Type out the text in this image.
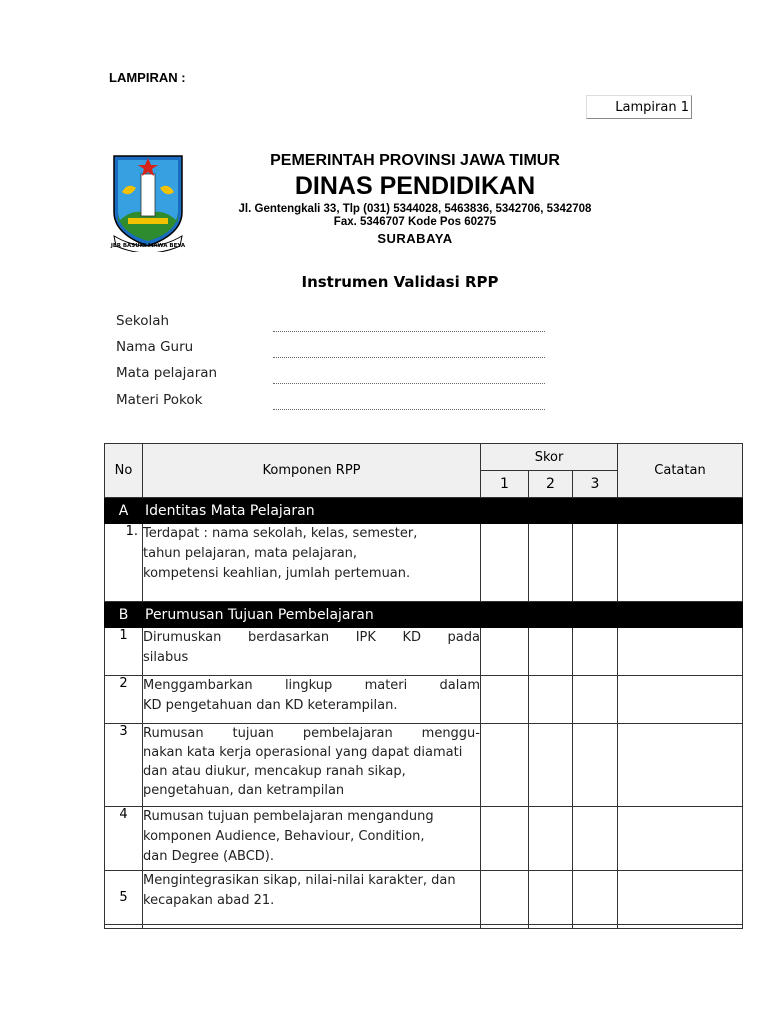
LAMPIRAN :
Lampiran 1
JER BASUKI MAWA BEYA
PEMERINTAH PROVINSI JAWA TIMUR
DINAS PENDIDIKAN
Jl. Gentengkali 33, Tlp (031) 5344028, 5463836, 5342706, 5342708
Fax. 5346707 Kode Pos 60275
SURABAYA
Instrumen Validasi RPP
Sekolah
Nama Guru
Mata pelajaran
Materi Pokok
No	Komponen RPP	Skor			Catatan
		1	2	3	
A	Identitas Mata Pelajaran				
1.	Terdapat : nama sekolah, kelas, semester,
tahun pelajaran, mata pelajaran,
kompetensi keahlian, jumlah pertemuan.				

B	Perumusan Tujuan Pembelajaran				
1	Dirumuskan berdasarkan IPK KD pada
silabus				

2	Menggambarkan lingkup materi dalam
KD pengetahuan dan KD keterampilan.				

3	Rumusan tujuan pembelajaran menggu-
nakan kata kerja operasional yang dapat diamati
dan atau diukur, mencakup ranah sikap,
pengetahuan, dan ketrampilan				

4	Rumusan tujuan pembelajaran mengandung
komponen Audience, Behaviour, Condition,
dan Degree (ABCD).				

5	Mengintegrasikan sikap, nilai-nilai karakter, dan
kecapakan abad 21.				
